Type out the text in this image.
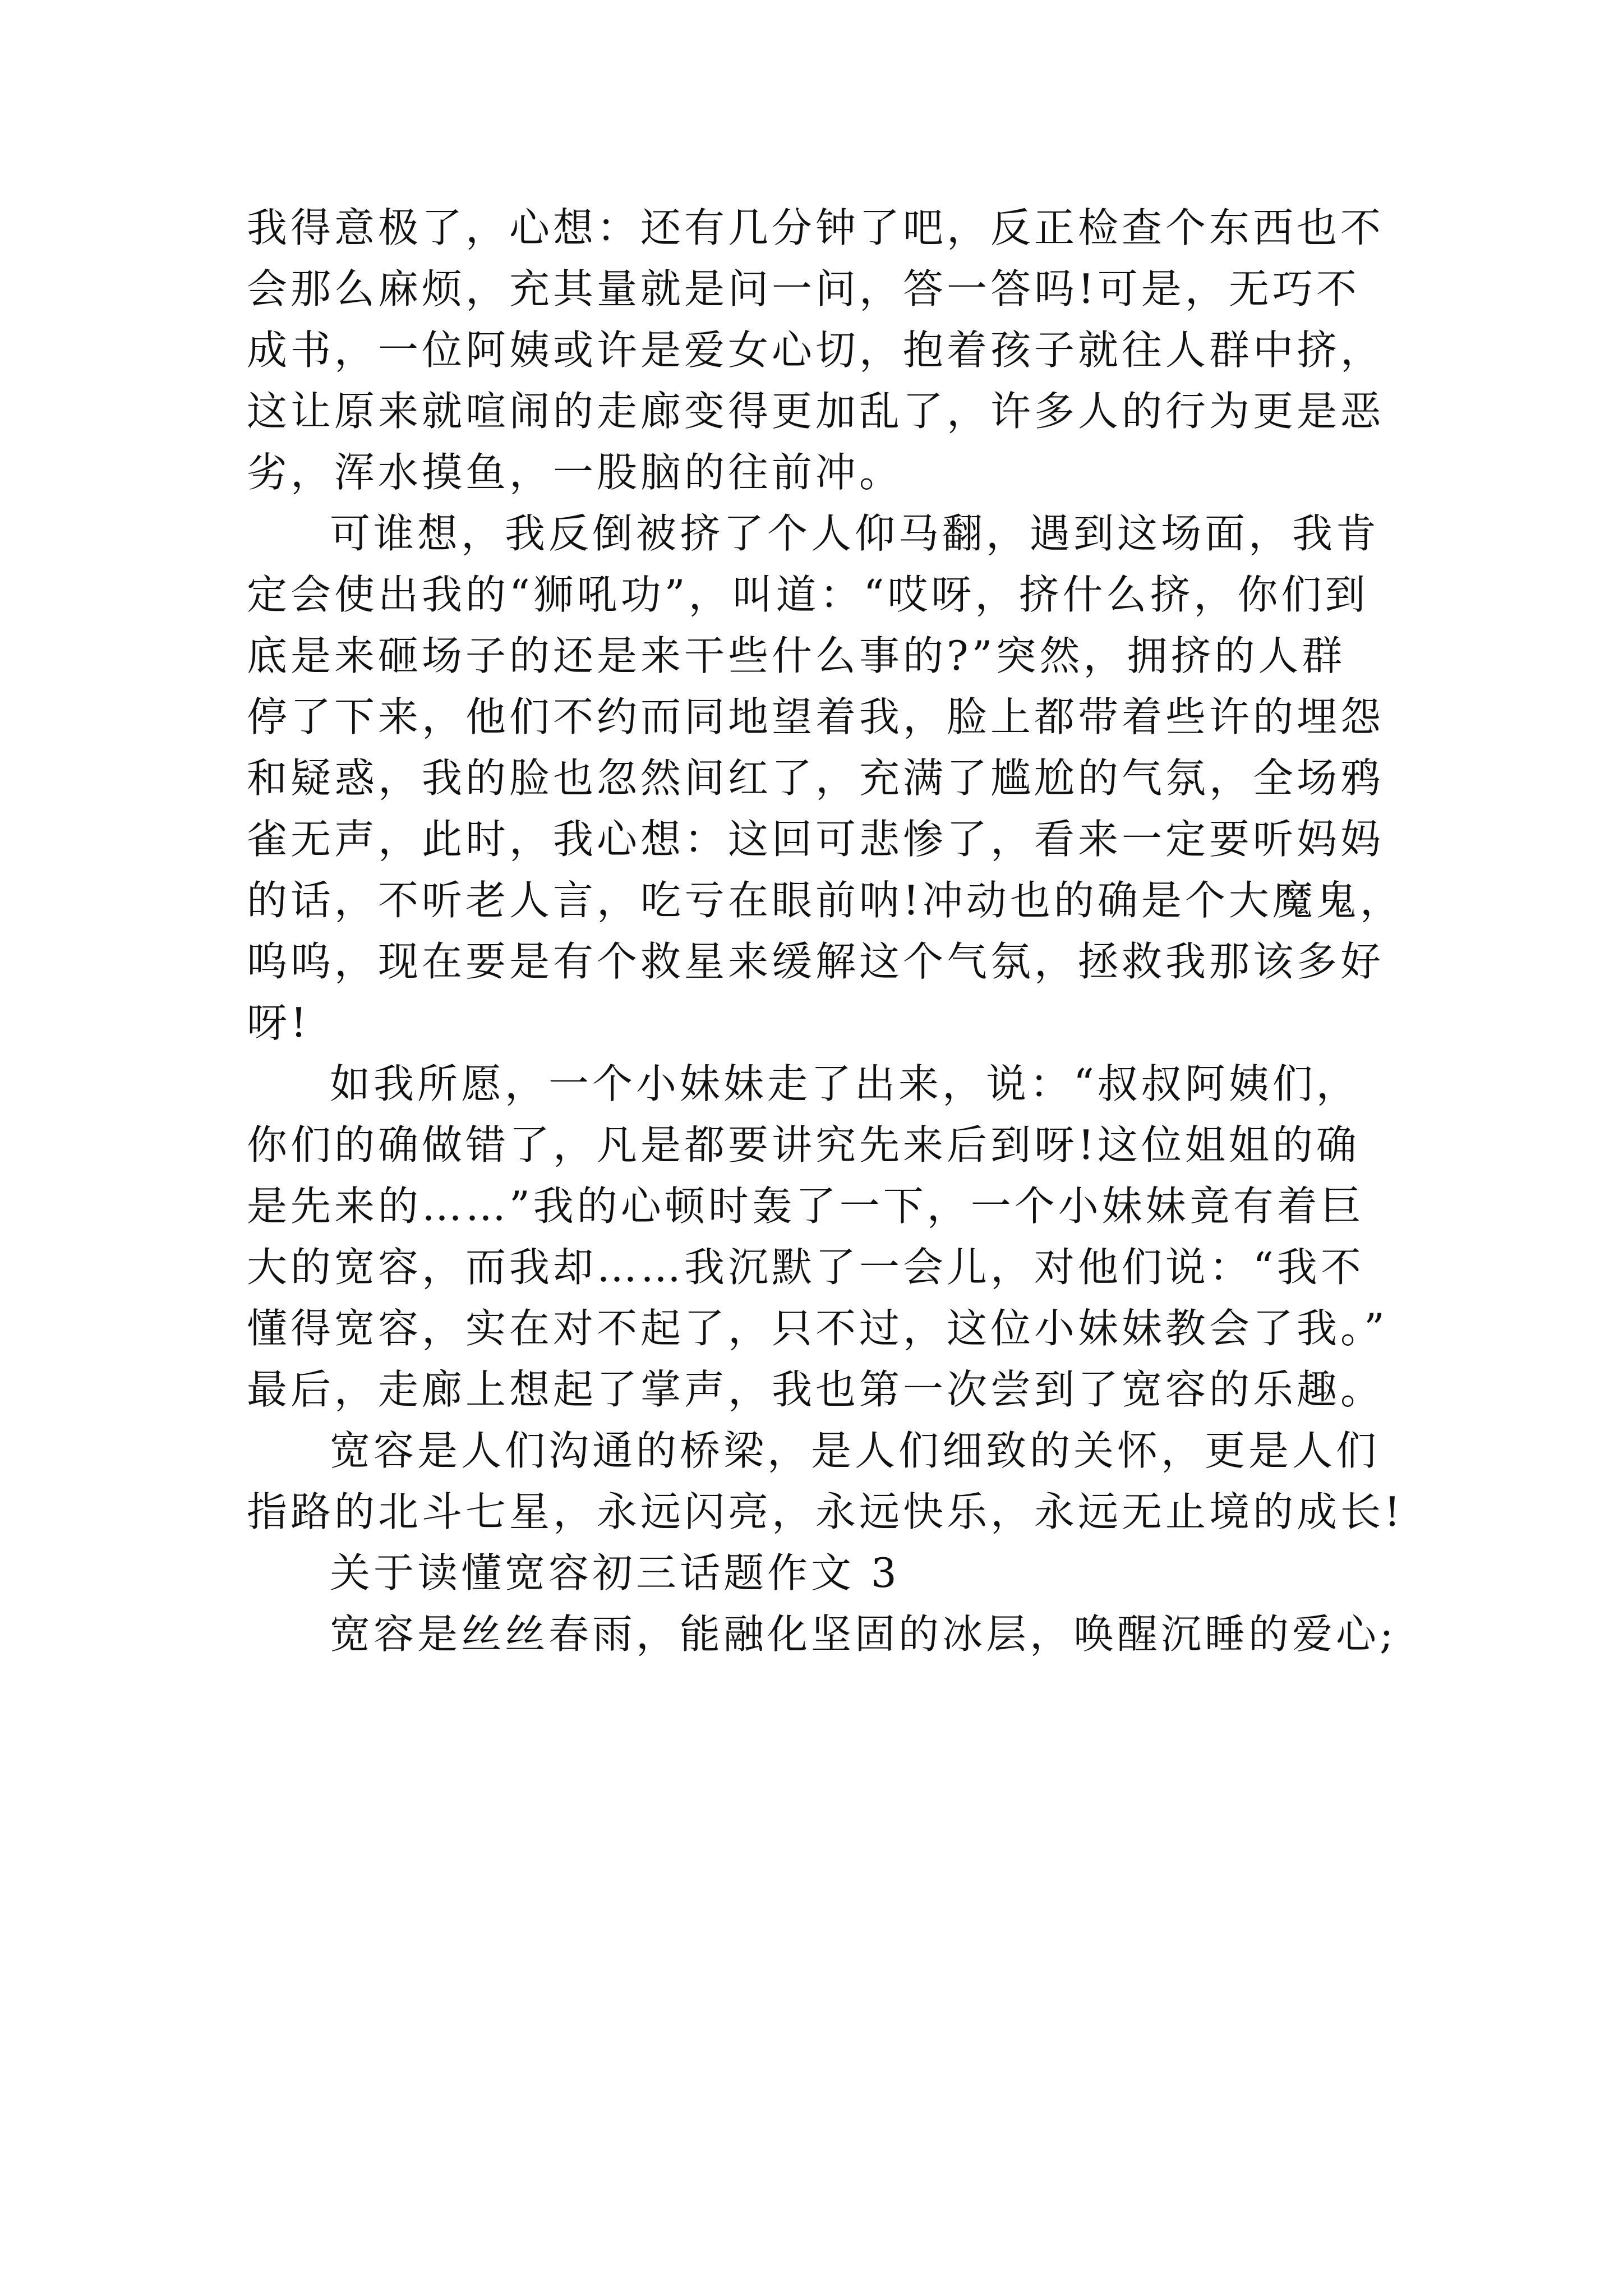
我得意极了，心想：还有几分钟了吧，反正检查个东西也不
会那么麻烦，充其量就是问一问，答一答吗!可是，无巧不
成书，一位阿姨或许是爱女心切，抱着孩子就往人群中挤，
这让原来就喧闹的走廊变得更加乱了，许多人的行为更是恶
劣，浑水摸鱼，一股脑的往前冲。
可谁想，我反倒被挤了个人仰马翻，遇到这场面，我肯
定会使出我的“狮吼功”，叫道：“哎呀，挤什么挤，你们到
底是来砸场子的还是来干些什么事的?”突然，拥挤的人群
停了下来，他们不约而同地望着我，脸上都带着些许的埋怨
和疑惑，我的脸也忽然间红了，充满了尴尬的气氛，全场鸦
雀无声，此时，我心想：这回可悲惨了，看来一定要听妈妈
的话，不听老人言，吃亏在眼前呐!冲动也的确是个大魔鬼，
呜呜，现在要是有个救星来缓解这个气氛，拯救我那该多好
呀!
如我所愿，一个小妹妹走了出来，说：“叔叔阿姨们，
你们的确做错了，凡是都要讲究先来后到呀!这位姐姐的确
是先来的……”我的心顿时轰了一下，一个小妹妹竟有着巨
大的宽容，而我却……我沉默了一会儿，对他们说：“我不
懂得宽容，实在对不起了，只不过，这位小妹妹教会了我。”
最后，走廊上想起了掌声，我也第一次尝到了宽容的乐趣。
宽容是人们沟通的桥梁，是人们细致的关怀，更是人们
指路的北斗七星，永远闪亮，永远快乐，永远无止境的成长!
关于读懂宽容初三话题作文 3
宽容是丝丝春雨，能融化坚固的冰层，唤醒沉睡的爱心;
